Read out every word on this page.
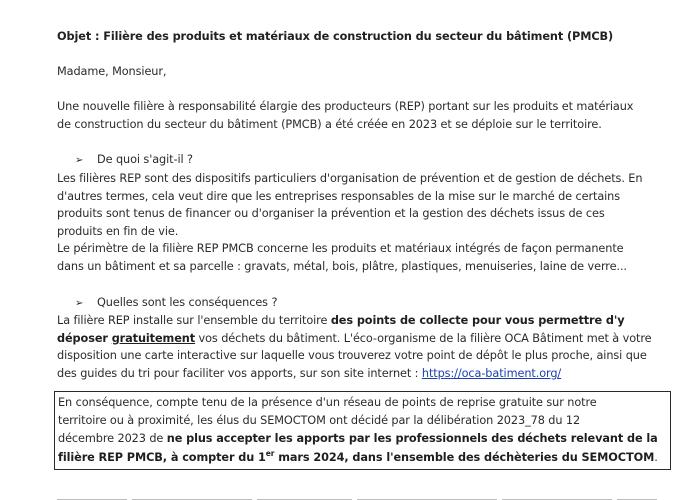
Objet : Filière des produits et matériaux de construction du secteur du bâtiment (PMCB)

Madame, Monsieur,

Une nouvelle filière à responsabilité élargie des producteurs (REP) portant sur les produits et matériaux

de construction du secteur du bâtiment (PMCB) a été créée en 2023 et se déploie sur le territoire.

➢ De quoi s'agit-il ?

Les filières REP sont des dispositifs particuliers d'organisation de prévention et de gestion de déchets. En

d'autres termes, cela veut dire que les entreprises responsables de la mise sur le marché de certains

produits sont tenus de financer ou d'organiser la prévention et la gestion des déchets issus de ces

produits en fin de vie.

Le périmètre de la filière REP PMCB concerne les produits et matériaux intégrés de façon permanente

dans un bâtiment et sa parcelle : gravats, métal, bois, plâtre, plastiques, menuiseries, laine de verre...

➢ Quelles sont les conséquences ?

La filière REP installe sur l'ensemble du territoire des points de collecte pour vous permettre d'y

déposer gratuitement vos déchets du bâtiment. L'éco-organisme de la filière OCA Bâtiment met à votre

disposition une carte interactive sur laquelle vous trouverez votre point de dépôt le plus proche, ainsi que

des guides du tri pour faciliter vos apports, sur son site internet : https://oca-batiment.org/

En conséquence, compte tenu de la présence d'un réseau de points de reprise gratuite sur notre

territoire ou à proximité, les élus du SEMOCTOM ont décidé par la délibération 2023_78 du 12

décembre 2023 de ne plus accepter les apports par les professionnels des déchets relevant de la

filière REP PMCB, à compter du 1er mars 2024, dans l'ensemble des déchèteries du SEMOCTOM.
